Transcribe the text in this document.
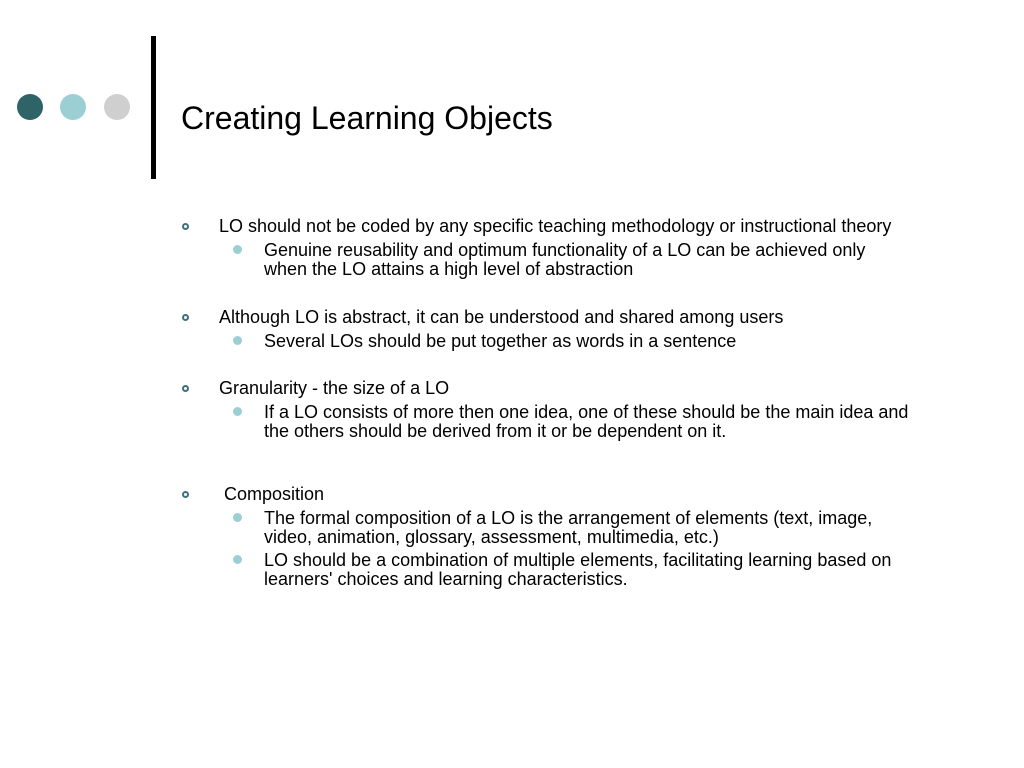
Creating Learning Objects
LO should not be coded by any specific teaching methodology or instructional theory
Genuine reusability and optimum functionality of a LO can be achieved only
when the LO attains a high level of abstraction
Although LO is abstract, it can be understood and shared among users
Several LOs should be put together as words in a sentence
Granularity - the size of a LO
If a LO consists of more then one idea, one of these should be the main idea and
the others should be derived from it or be dependent on it.
Composition
The formal composition of a LO is the arrangement of elements (text, image,
video, animation, glossary, assessment, multimedia, etc.)
LO should be a combination of multiple elements, facilitating learning based on
learners' choices and learning characteristics.
